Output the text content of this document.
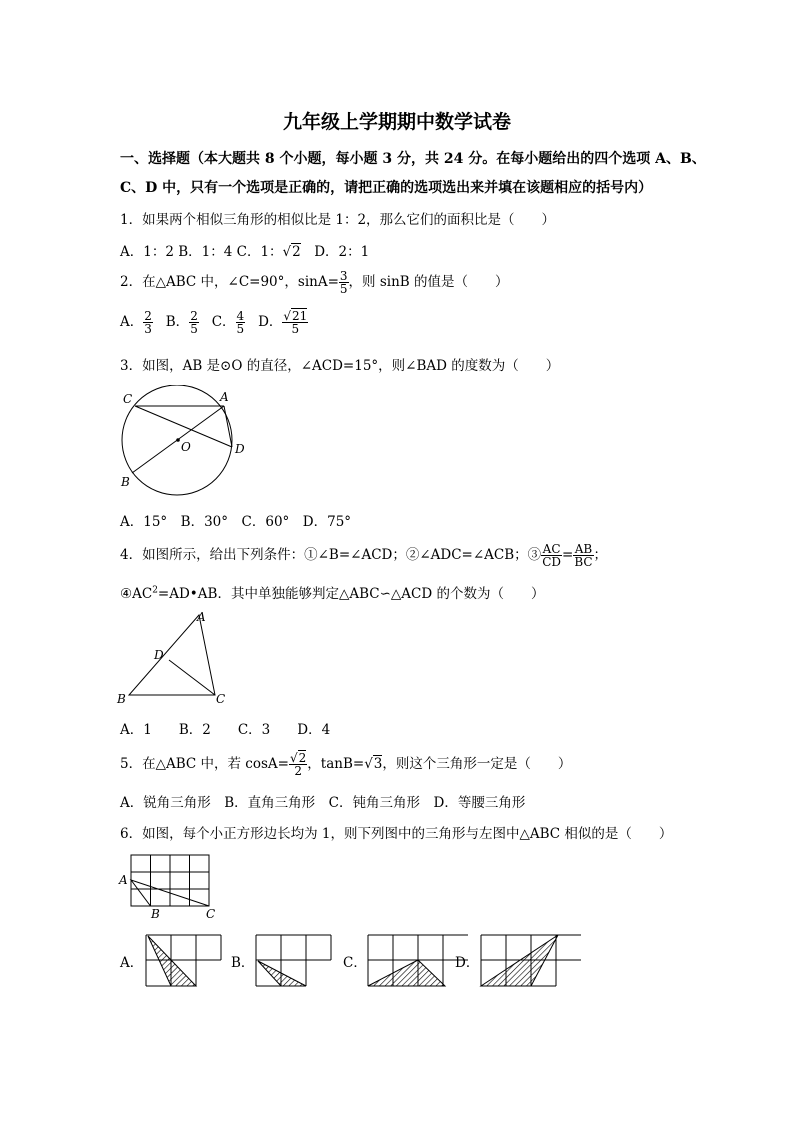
九年级上学期期中数学试卷
一、选择题（本大题共 8 个小题，每小题 3 分，共 24 分。在每小题给出的四个选项 A、B、
C、D 中，只有一个选项是正确的，请把正确的选项选出来并填在该题相应的括号内）
1．如果两个相似三角形的相似比是 1：2，那么它们的面积比是（　　）
A．1：2 B．1：4 C．1：√2　D．2：1
2．在△ABC 中，∠C=90°，$\sin A= \frac{3}{5}$ ，则 sinB 的值是（　　）
A． $\frac{2}{3}$ B． $\frac{2}{5}$ C． $\frac{4}{5}$ D． $\frac{√21}{5}$
3．如图，AB 是⊙O 的直径，∠ACD=15°，则∠BAD 的度数为（　　）
C	A
O	D
B
A．15°　B．30°　C．60°　D．75°
4．如图所示，给出下列条件：①∠B=∠ACD；②∠ADC=∠ACB；③ $\frac{AC}{CD} = \frac{AB}{BC}$ ；
$④AC^2=AD•AB$．其中单独能够判定△ABC∽△ACD 的个数为（　　）
A
D
B	C
A．1　　B．2　　C．3　　D．4
5．在△ABC 中，若 $\cos A= \frac{√2}{2}$ ，tanB=√3，则这个三角形一定是（　　）
A．锐角三角形　B．直角三角形　C．钝角三角形　D．等腰三角形
6．如图，每个小正方形边长均为 1，则下列图中的三角形与左图中△ABC 相似的是（　　）
A
B	C
A．	B．	C．	D．
